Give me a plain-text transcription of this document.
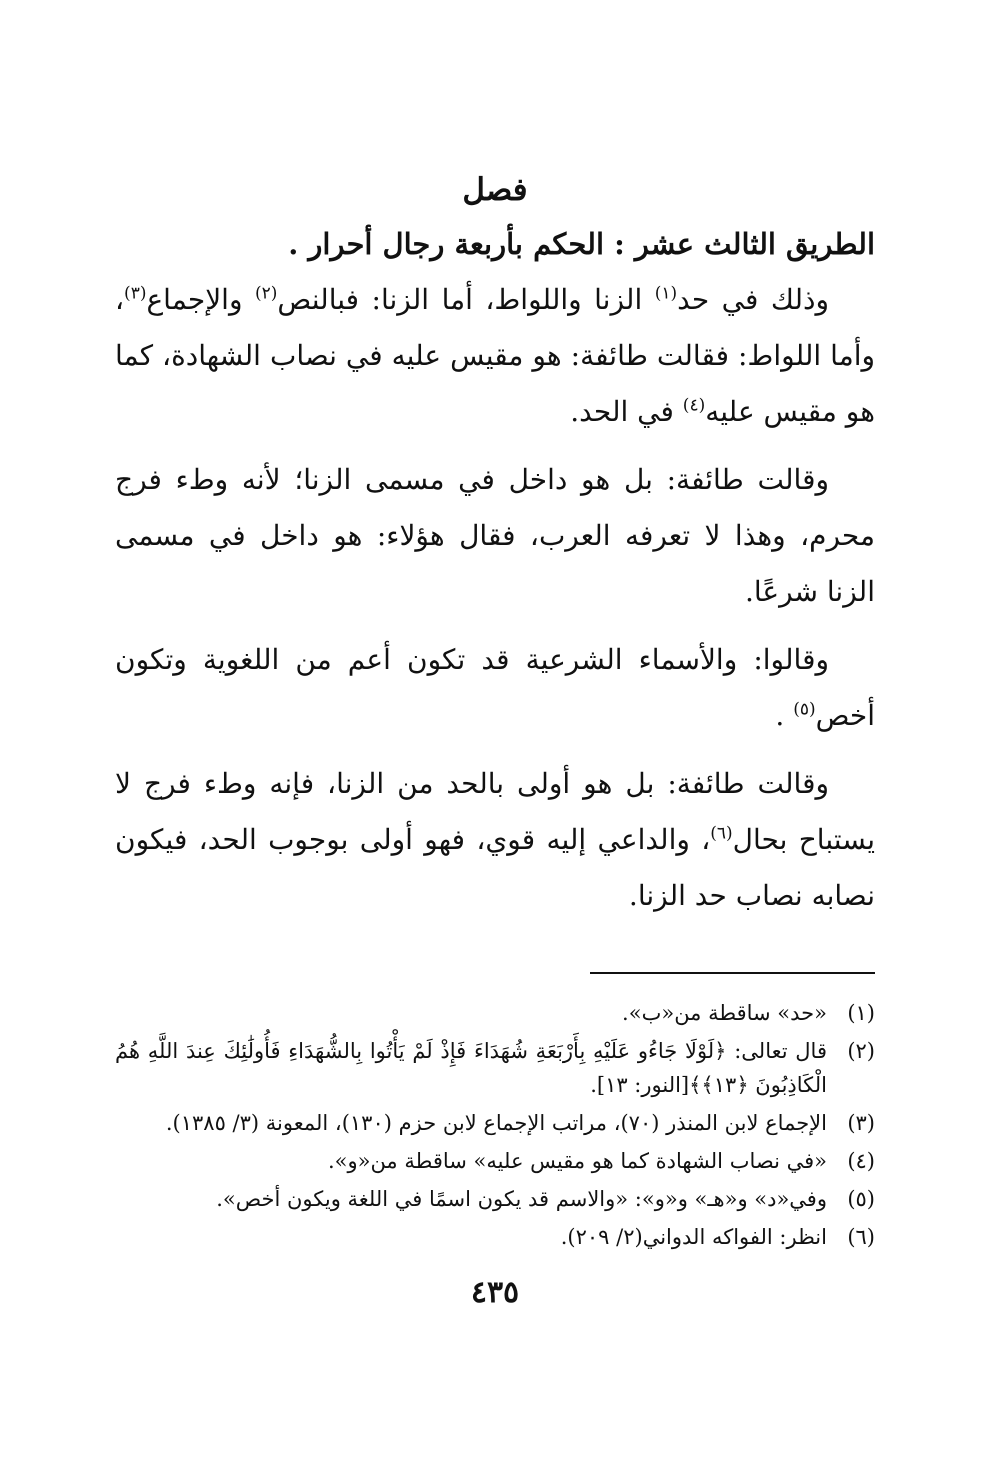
فصل
الطريق الثالث عشر : الحكم بأربعة رجال أحرار .

وذلك في حد$^{(١)}$ الزنا واللواط، أما الزنا: فبالنص$^{(٢)}$ والإجماع$^{(٣)}$، وأما اللواط: فقالت طائفة: هو مقيس عليه في نصاب الشهادة، كما هو مقيس عليه$^{(٤)}$ في الحد.

وقالت طائفة: بل هو داخل في مسمى الزنا؛ لأنه وطء فرج محرم، وهذا لا تعرفه العرب، فقال هؤلاء: هو داخل في مسمى الزنا شرعًا.

وقالوا: والأسماء الشرعية قد تكون أعم من اللغوية وتكون أخص$^{(٥)}$ .

وقالت طائفة: بل هو أولى بالحد من الزنا، فإنه وطء فرج لا يستباح بحال$^{(٦)}$، والداعي إليه قوي، فهو أولى بوجوب الحد، فيكون نصابه نصاب حد الزنا.

(١)
«حد» ساقطة من«ب».
(٢)
قال تعالى: ﴿لَوْلَا جَاءُو عَلَيْهِ بِأَرْبَعَةِ شُهَدَاءَ فَإِذْ لَمْ يَأْتُوا بِالشُّهَدَاءِ فَأُولَٰئِكَ عِندَ اللَّهِ هُمُ الْكَاذِبُونَ ﴿١٣﴾﴾[النور: ١٣].
(٣)
الإجماع لابن المنذر (٧٠)، مراتب الإجماع لابن حزم (١٣٠)، المعونة (٣/ ١٣٨٥).
(٤)
«في نصاب الشهادة كما هو مقيس عليه» ساقطة من«و».
(٥)
وفي«د» و«هـ» و«و»: «والاسم قد يكون اسمًا في اللغة ويكون أخص».
(٦)
انظر: الفواكه الدواني(٢/ ٢٠٩).
٤٣٥
